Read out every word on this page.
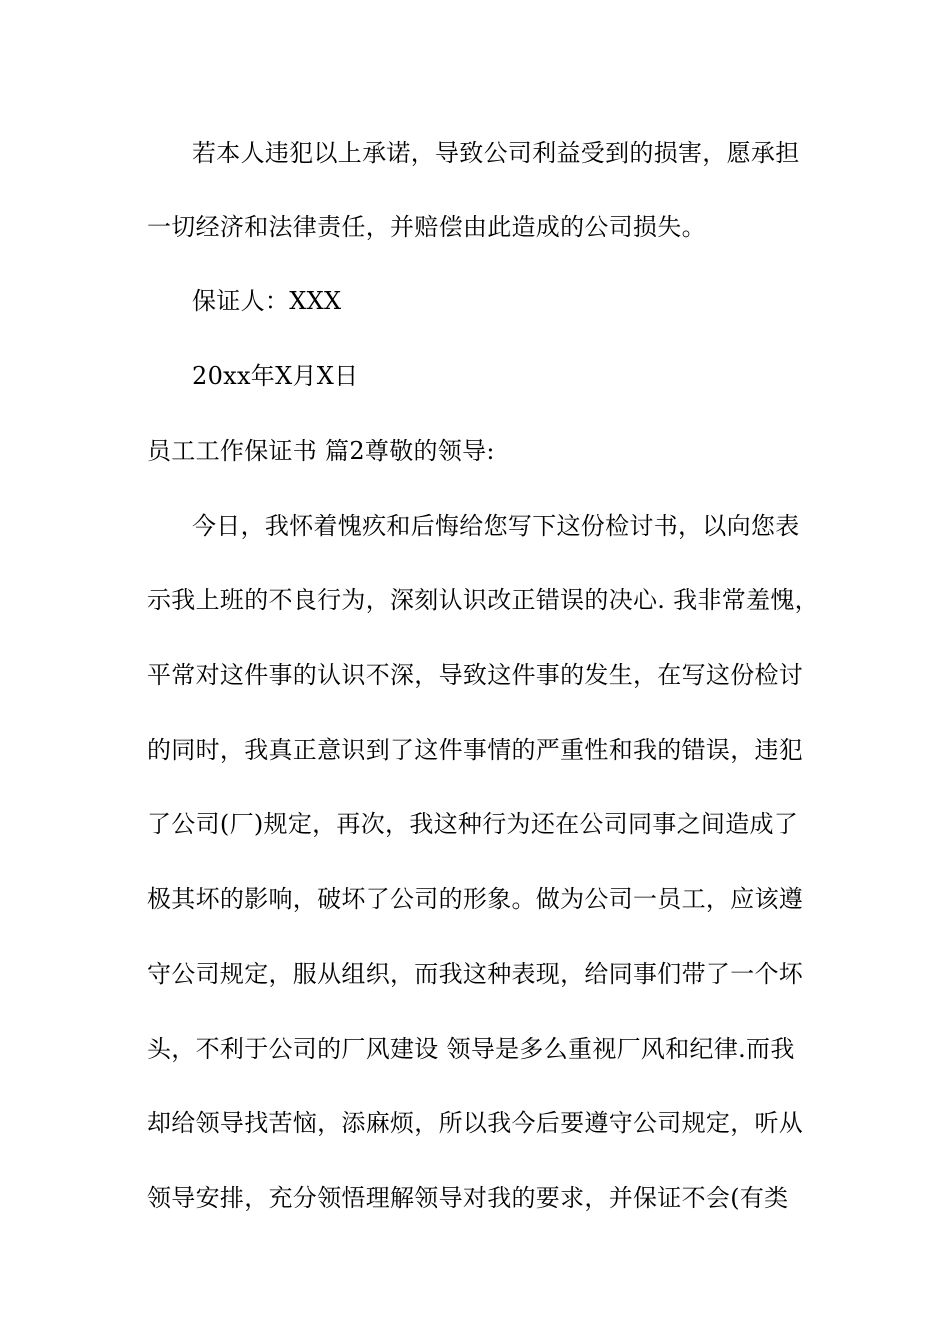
若本人违犯以上承诺，导致公司利益受到的损害，愿承担
一切经济和法律责任，并赔偿由此造成的公司损失。
保证人：XXX
20xx年X月X日
员工工作保证书 篇2尊敬的领导:
今日，我怀着愧疚和后悔给您写下这份检讨书，以向您表
示我上班的不良行为，深刻认识改正错误的决心. 我非常羞愧，
平常对这件事的认识不深，导致这件事的发生，在写这份检讨
的同时，我真正意识到了这件事情的严重性和我的错误，违犯
了公司(厂)规定，再次，我这种行为还在公司同事之间造成了
极其坏的影响，破坏了公司的形象。做为公司一员工，应该遵
守公司规定，服从组织，而我这种表现，给同事们带了一个坏
头，不利于公司的厂风建设 领导是多么重视厂风和纪律.而我
却给领导找苦恼，添麻烦，所以我今后要遵守公司规定，听从
领导安排，充分领悟理解领导对我的要求，并保证不会(有类
